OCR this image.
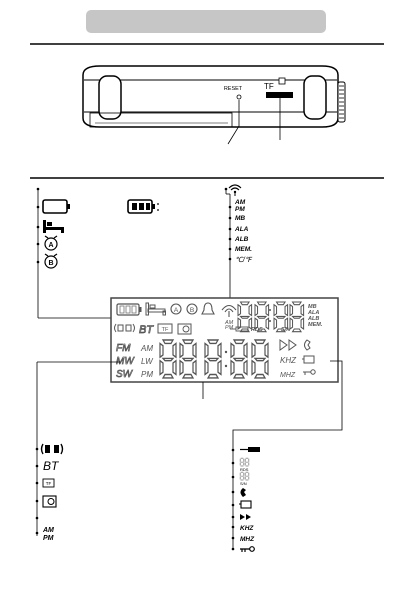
RESET	TF
A
B
AM
PM
MB
ALA
ALB
MEM.
℃/℉
A B
AM
PM
MB
ALA
ALB
MEM.
BT TF	RDS	S/N
FM
MW
SW
AM
LW
PM
KHZ
MHZ
BT
TF
AM
PM
RDS
S/N
KHZ
MHZ
